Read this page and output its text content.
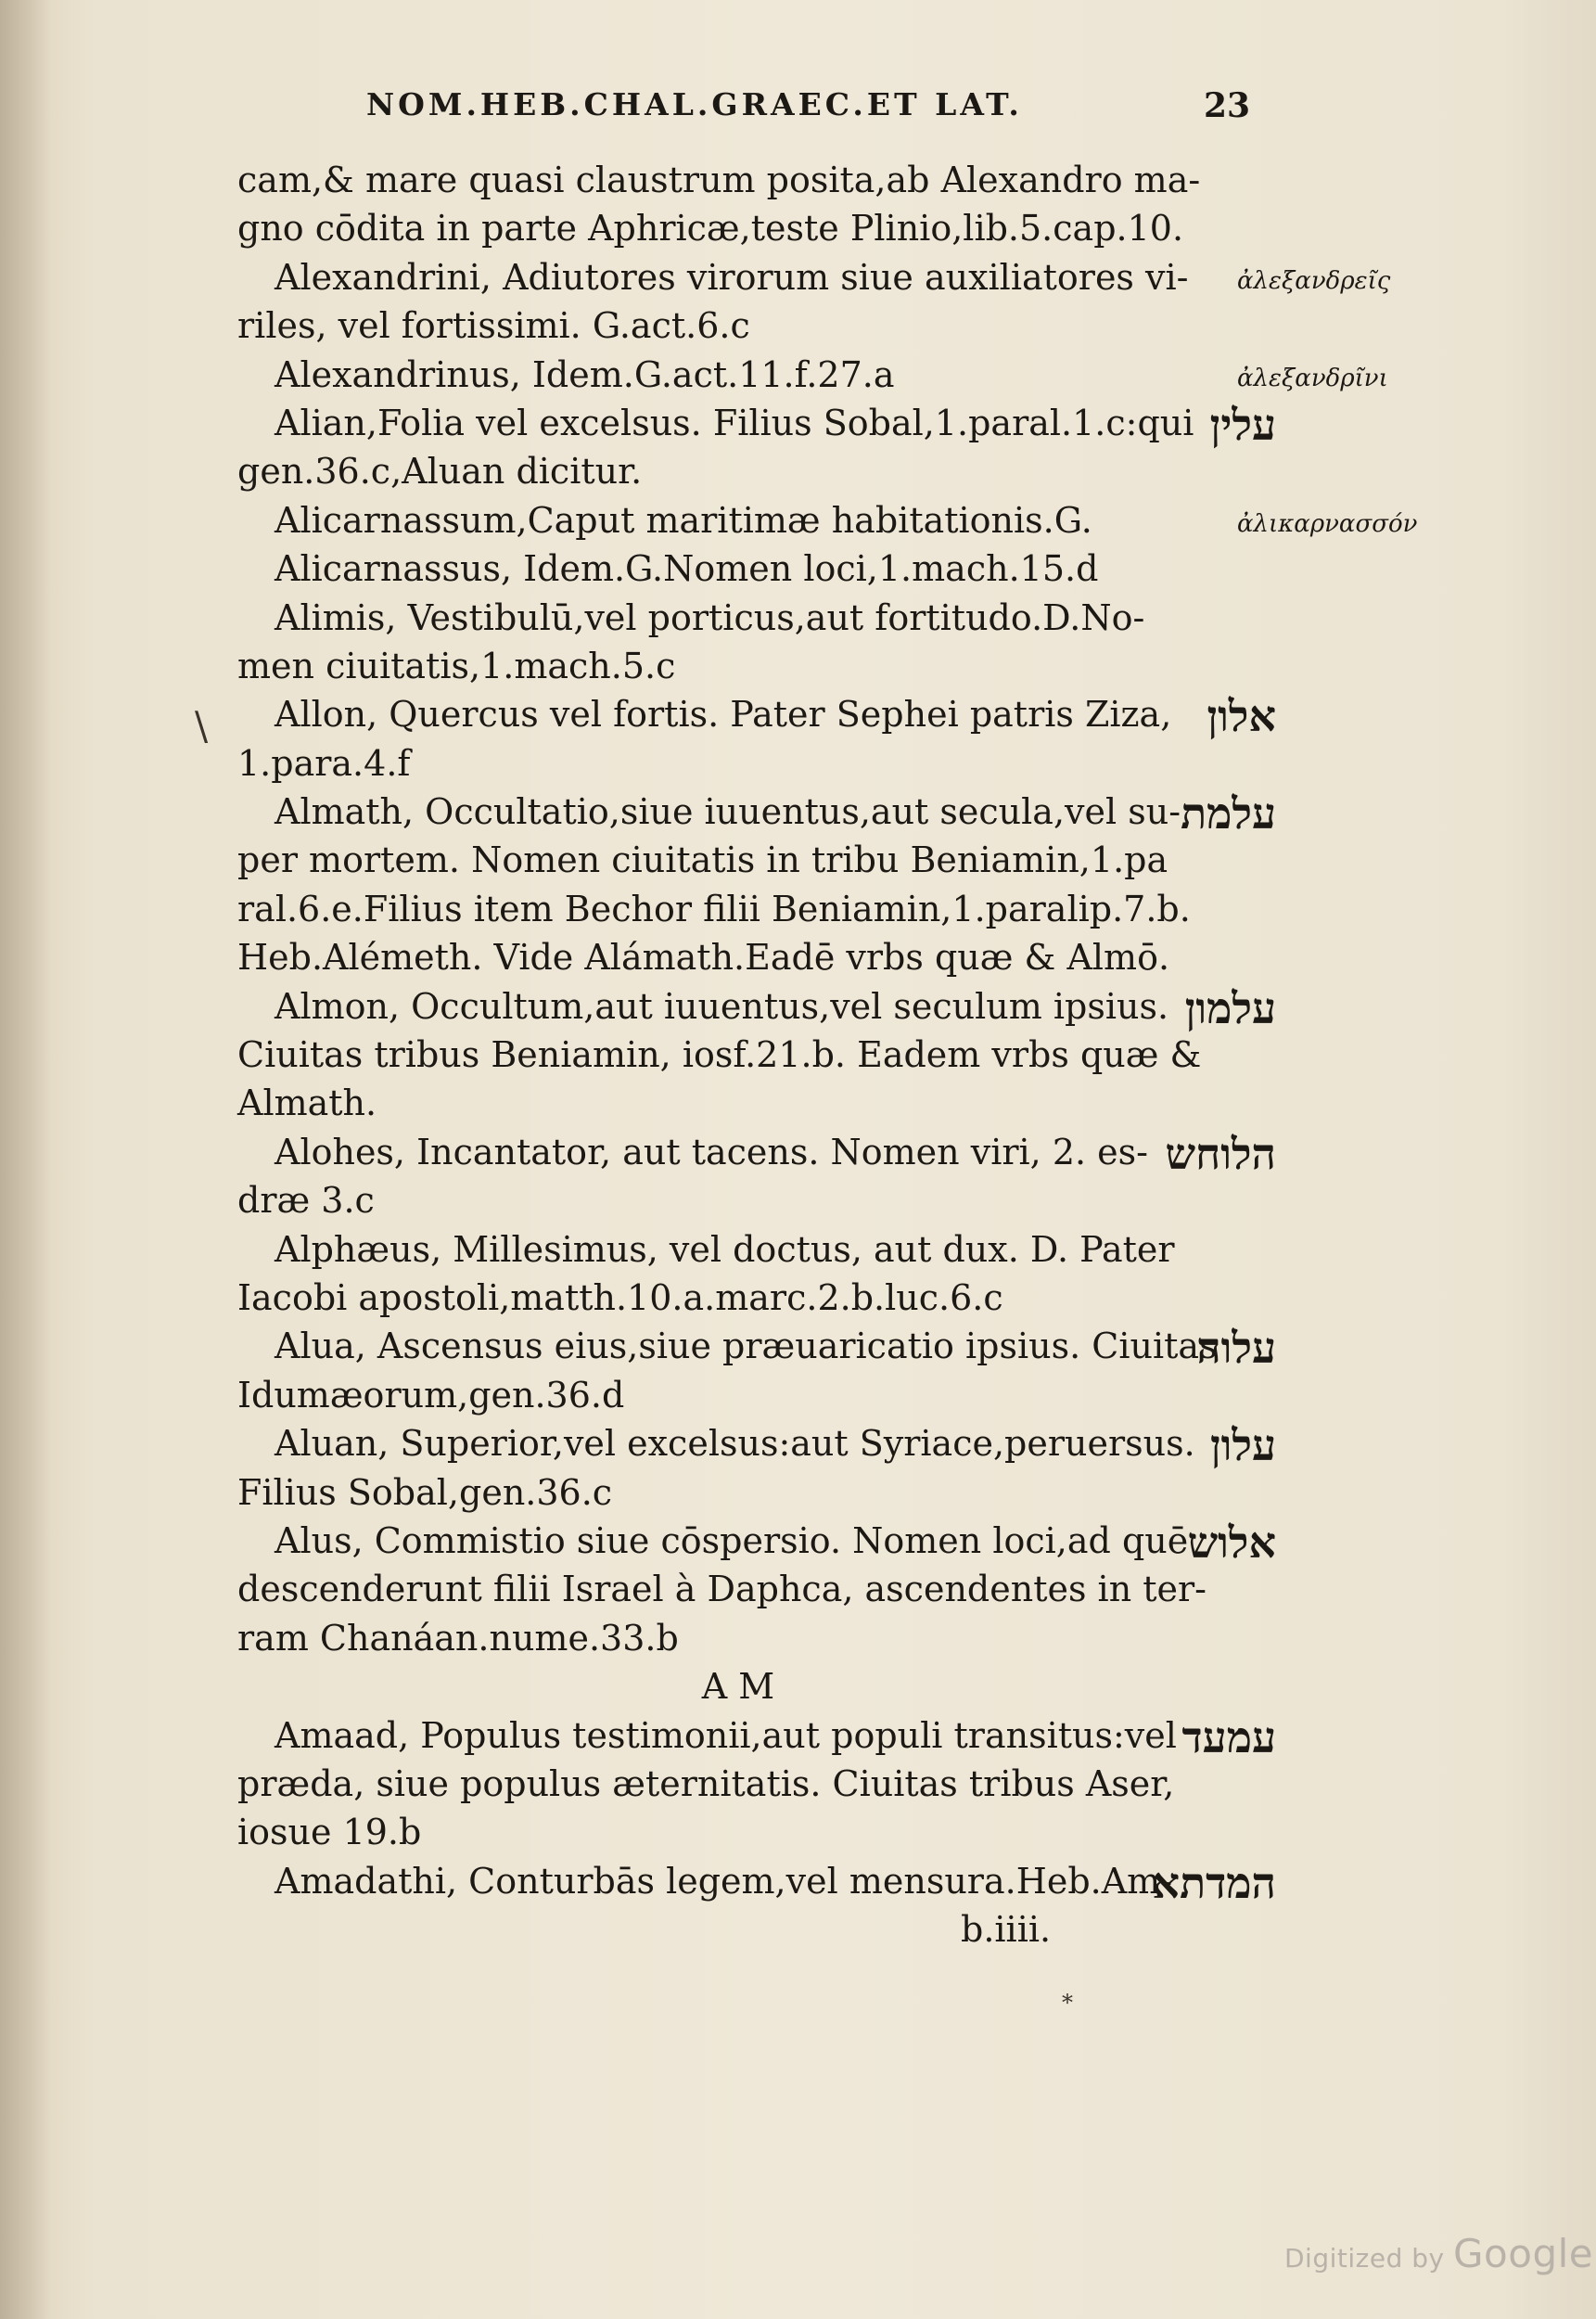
NOM.HEB.CHAL.GRAEC.ET LAT.	23
\
cam,& mare quasi claustrum posita,ab Alexandro ma-
gno cōdita in parte Aphricæ,teste Plinio,lib.5.cap.10.
Alexandrini, Adiutores virorum siue auxiliatores vi- ἀλεξανδρεῖς
riles, vel fortissimi. G.act.6.c
Alexandrinus, Idem.G.act.11.f.27.a	ἀλεξανδρῖνι
Alian,Folia vel excelsus. Filius Sobal,1.paral.1.c:qui עלין
gen.36.c,Aluan dicitur.
Alicarnassum,Caput maritimæ habitationis.G.	ἀλικαρνασσόν
Alicarnassus, Idem.G.Nomen loci,1.mach.15.d
Alimis, Vestibulū,vel porticus,aut fortitudo.D.No-
men ciuitatis,1.mach.5.c
Allon, Quercus vel fortis. Pater Sephei patris Ziza, אלון
1.para.4.f
Almath, Occultatio,siue iuuentus,aut secula,vel su- עלמת
per mortem. Nomen ciuitatis in tribu Beniamin,1.pa
ral.6.e.Filius item Bechor filii Beniamin,1.paralip.7.b.
Heb.Alémeth. Vide Alámath.Eadē vrbs quæ & Almō.
Almon, Occultum,aut iuuentus,vel seculum ipsius. עלמון
Ciuitas tribus Beniamin, iosf.21.b. Eadem vrbs quæ &
Almath.
Alohes, Incantator, aut tacens. Nomen viri, 2. es- הלוחש
dræ 3.c
Alphæus, Millesimus, vel doctus, aut dux. D. Pater
Iacobi apostoli,matth.10.a.marc.2.b.luc.6.c
Alua, Ascensus eius,siue præuaricatio ipsius. Ciuitas
עלוה
Idumæorum,gen.36.d
Aluan, Superior,vel excelsus:aut Syriace,peruersus. עלון
Filius Sobal,gen.36.c
Alus, Commistio siue cōspersio. Nomen loci,ad quē אלוש
descenderunt filii Israel à Daphca, ascendentes in ter-
ram Chanáan.nume.33.b
A M
Amaad, Populus testimonii,aut populi transitus:vel עמעד
præda, siue populus æternitatis. Ciuitas tribus Aser,
iosue 19.b
Amadathi, Conturbās legem,vel mensura.Heb.Am-
המדתא
b.iiii.
*
Digitized by Google
